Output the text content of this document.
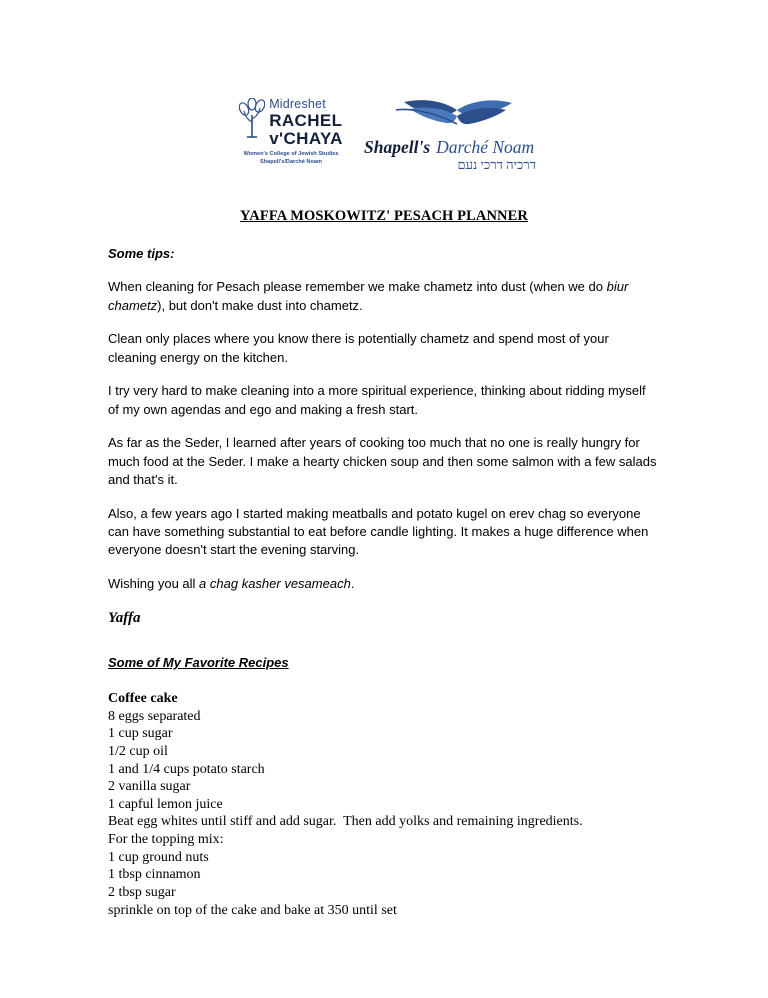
Midreshet
RACHEL
v'CHAYA
Women's College of Jewish Studies
Shapell's/Darché Noam
Shapell's Darché Noam
דרכיה דרכי נעם
YAFFA MOSKOWITZ' PESACH PLANNER

Some tips:

When cleaning for Pesach please remember we make chametz into dust (when we do biur chametz), but don't make dust into chametz.

Clean only places where you know there is potentially chametz and spend most of your cleaning energy on the kitchen.

I try very hard to make cleaning into a more spiritual experience, thinking about ridding myself of my own agendas and ego and making a fresh start.

As far as the Seder, I learned after years of cooking too much that no one is really hungry for much food at the Seder. I make a hearty chicken soup and then some salmon with a few salads and that's it.

Also, a few years ago I started making meatballs and potato kugel on erev chag so everyone can have something substantial to eat before candle lighting. It makes a huge difference when everyone doesn't start the evening starving.

Wishing you all a chag kasher vesameach.

Yaffa

Some of My Favorite Recipes
Coffee cake
8 eggs separated
1 cup sugar
1/2 cup oil
1 and 1/4 cups potato starch
2 vanilla sugar
1 capful lemon juice
Beat egg whites until stiff and add sugar.  Then add yolks and remaining ingredients.
For the topping mix:
1 cup ground nuts
1 tbsp cinnamon
2 tbsp sugar
sprinkle on top of the cake and bake at 350 until set
